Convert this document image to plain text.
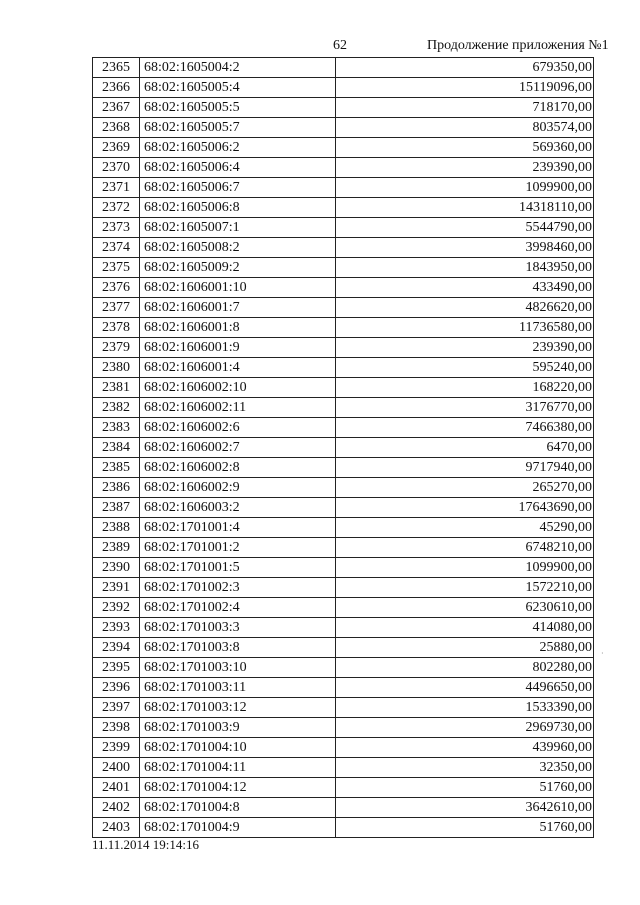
62	Продолжение приложения №1
2365	68:02:1605004:2	679350,00
2366	68:02:1605005:4	15119096,00
2367	68:02:1605005:5	718170,00
2368	68:02:1605005:7	803574,00
2369	68:02:1605006:2	569360,00
2370	68:02:1605006:4	239390,00
2371	68:02:1605006:7	1099900,00
2372	68:02:1605006:8	14318110,00
2373	68:02:1605007:1	5544790,00
2374	68:02:1605008:2	3998460,00
2375	68:02:1605009:2	1843950,00
2376	68:02:1606001:10	433490,00
2377	68:02:1606001:7	4826620,00
2378	68:02:1606001:8	11736580,00
2379	68:02:1606001:9	239390,00
2380	68:02:1606001:4	595240,00
2381	68:02:1606002:10	168220,00
2382	68:02:1606002:11	3176770,00
2383	68:02:1606002:6	7466380,00
2384	68:02:1606002:7	6470,00
2385	68:02:1606002:8	9717940,00
2386	68:02:1606002:9	265270,00
2387	68:02:1606003:2	17643690,00
2388	68:02:1701001:4	45290,00
2389	68:02:1701001:2	6748210,00
2390	68:02:1701001:5	1099900,00
2391	68:02:1701002:3	1572210,00
2392	68:02:1701002:4	6230610,00
2393	68:02:1701003:3	414080,00
2394	68:02:1701003:8	25880,00
2395	68:02:1701003:10	802280,00
2396	68:02:1701003:11	4496650,00
2397	68:02:1701003:12	1533390,00
2398	68:02:1701003:9	2969730,00
2399	68:02:1701004:10	439960,00
2400	68:02:1701004:11	32350,00
2401	68:02:1701004:12	51760,00
2402	68:02:1701004:8	3642610,00
2403	68:02:1701004:9	51760,00
11.11.2014 19:14:16
·
